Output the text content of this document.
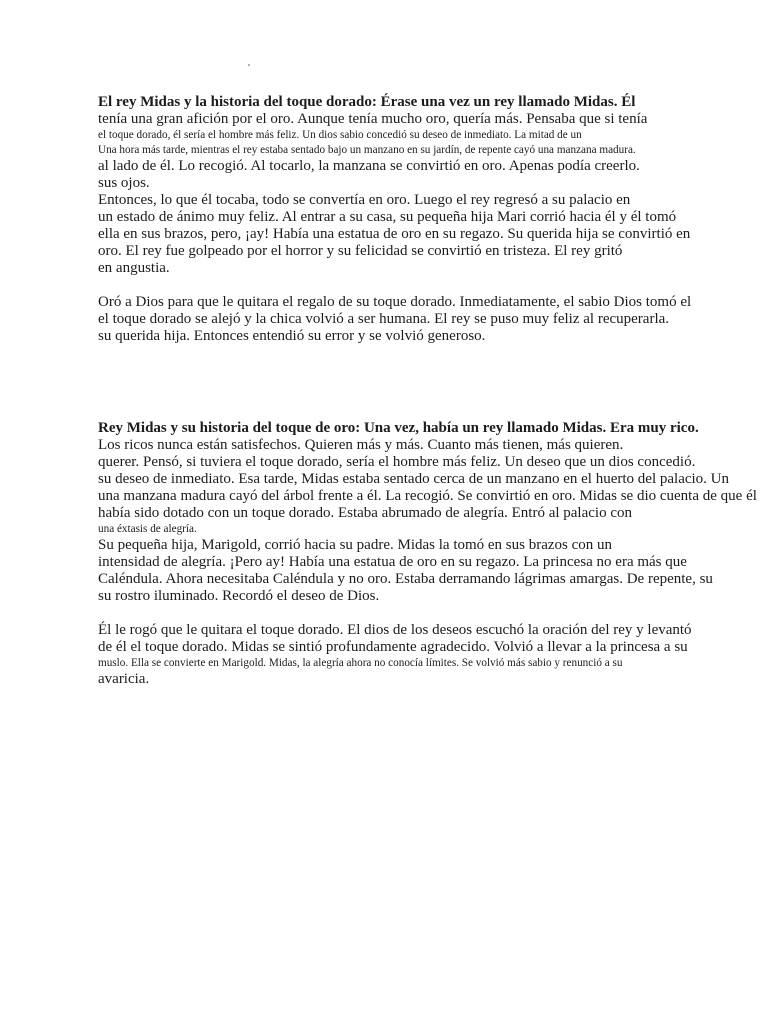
El rey Midas y la historia del toque dorado: Érase una vez un rey llamado Midas. Él
tenía una gran afición por el oro. Aunque tenía mucho oro, quería más. Pensaba que si tenía
el toque dorado, él sería el hombre más feliz. Un dios sabio concedió su deseo de inmediato. La mitad de un
Una hora más tarde, mientras el rey estaba sentado bajo un manzano en su jardín, de repente cayó una manzana madura.
al lado de él. Lo recogió. Al tocarlo, la manzana se convirtió en oro. Apenas podía creerlo.
sus ojos.
Entonces, lo que él tocaba, todo se convertía en oro. Luego el rey regresó a su palacio en
un estado de ánimo muy feliz. Al entrar a su casa, su pequeña hija Mari corrió hacia él y él tomó
ella en sus brazos, pero, ¡ay! Había una estatua de oro en su regazo. Su querida hija se convirtió en
oro. El rey fue golpeado por el horror y su felicidad se convirtió en tristeza. El rey gritó
en angustia.
Oró a Dios para que le quitara el regalo de su toque dorado. Inmediatamente, el sabio Dios tomó el
el toque dorado se alejó y la chica volvió a ser humana. El rey se puso muy feliz al recuperarla.
su querida hija. Entonces entendió su error y se volvió generoso.
Rey Midas y su historia del toque de oro: Una vez, había un rey llamado Midas. Era muy rico.
Los ricos nunca están satisfechos. Quieren más y más. Cuanto más tienen, más quieren.
querer. Pensó, si tuviera el toque dorado, sería el hombre más feliz. Un deseo que un dios concedió.
su deseo de inmediato. Esa tarde, Midas estaba sentado cerca de un manzano en el huerto del palacio. Un
una manzana madura cayó del árbol frente a él. La recogió. Se convirtió en oro. Midas se dio cuenta de que él
había sido dotado con un toque dorado. Estaba abrumado de alegría. Entró al palacio con
una éxtasis de alegría.
Su pequeña hija, Marigold, corrió hacia su padre. Midas la tomó en sus brazos con un
intensidad de alegría. ¡Pero ay! Había una estatua de oro en su regazo. La princesa no era más que
Caléndula. Ahora necesitaba Caléndula y no oro. Estaba derramando lágrimas amargas. De repente, su
su rostro iluminado. Recordó el deseo de Dios.
Él le rogó que le quitara el toque dorado. El dios de los deseos escuchó la oración del rey y levantó
de él el toque dorado. Midas se sintió profundamente agradecido. Volvió a llevar a la princesa a su
muslo. Ella se convierte en Marigold. Midas, la alegría ahora no conocía límites. Se volvió más sabio y renunció a su
avaricia.
